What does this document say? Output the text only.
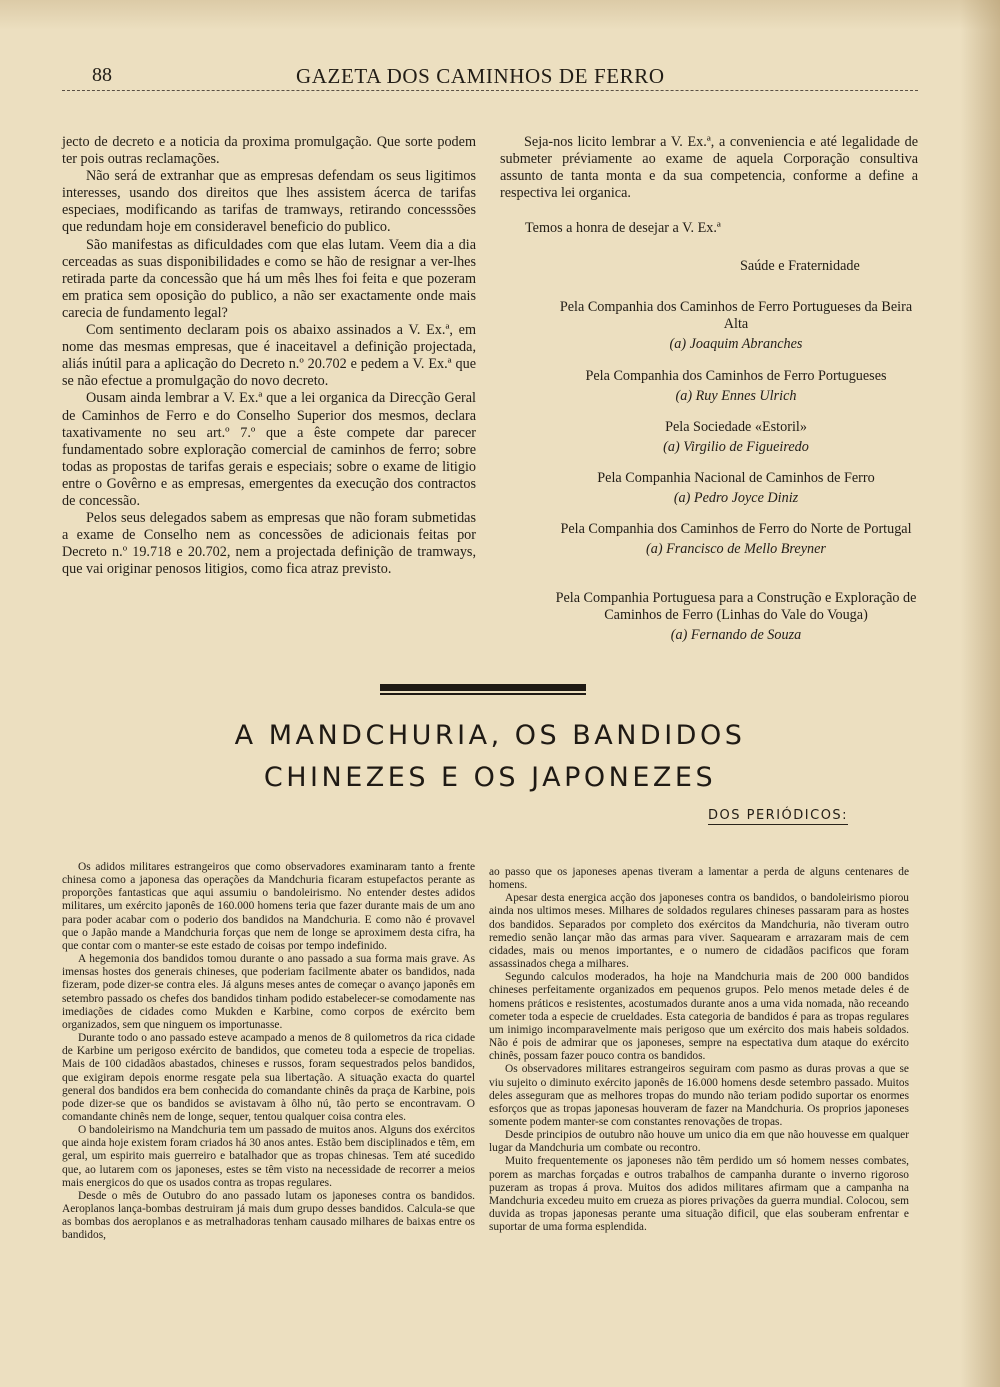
88	GAZETA DOS CAMINHOS DE FERRO

jecto de decreto e a noticia da proxima promulgação. Que sorte podem ter pois outras reclamações.

Não será de extranhar que as empresas defendam os seus ligitimos interesses, usando dos direitos que lhes assistem ácerca de tarifas especiaes, modificando as tarifas de tramways, retirando concesssões que redundam hoje em consideravel beneficio do publico.

São manifestas as dificuldades com que elas lutam. Veem dia a dia cerceadas as suas disponibilidades e como se hão de resignar a ver-lhes retirada parte da concessão que há um mês lhes foi feita e que pozeram em pratica sem oposição do publico, a não ser exactamente onde mais carecia de fundamento legal?

Com sentimento declaram pois os abaixo assinados a V. Ex.ª, em nome das mesmas empresas, que é inaceitavel a definição projectada, aliás inútil para a aplicação do Decreto n.º 20.702 e pedem a V. Ex.ª que se não efectue a promulgação do novo decreto.

Ousam ainda lembrar a V. Ex.ª que a lei organica da Direcção Geral de Caminhos de Ferro e do Conselho Superior dos mesmos, declara taxativamente no seu art.º 7.º que a êste compete dar parecer fundamentado sobre exploração comercial de caminhos de ferro; sobre todas as propostas de tarifas gerais e especiais; sobre o exame de litigio entre o Govêrno e as empresas, emergentes da execução dos contractos de concessão.

Pelos seus delegados sabem as empresas que não foram submetidas a exame de Conselho nem as concessões de adicionais feitas por Decreto n.º 19.718 e 20.702, nem a projectada definição de tramways, que vai originar penosos litigios, como fica atraz previsto.

Seja-nos licito lembrar a V. Ex.ª, a conveniencia e até legalidade de submeter préviamente ao exame de aquela Corporação consultiva assunto de tanta monta e da sua competencia, conforme a define a respectiva lei organica.

Temos a honra de desejar a V. Ex.ª
Saúde e Fraternidade
Pela Companhia dos Caminhos de Ferro Portugueses da Beira Alta
(a) Joaquim Abranches
Pela Companhia dos Caminhos de Ferro Portugueses
(a) Ruy Ennes Ulrich
Pela Sociedade «Estoril»
(a) Virgilio de Figueiredo
Pela Companhia Nacional de Caminhos de Ferro
(a) Pedro Joyce Diniz
Pela Companhia dos Caminhos de Ferro do Norte de Portugal
(a) Francisco de Mello Breyner
Pela Companhia Portuguesa para a Construção e Exploração de Caminhos de Ferro (Linhas do Vale do Vouga)
(a) Fernando de Souza
A MANDCHURIA, OS BANDIDOS
CHINEZES E OS JAPONEZES
DOS PERIÓDICOS:

Os adidos militares estrangeiros que como observadores examinaram tanto a frente chinesa como a japonesa das operações da Mandchuria ficaram estupefactos perante as proporções fantasticas que aqui assumiu o bandoleirismo. No entender destes adidos militares, um exército japonês de 160.000 homens teria que fazer durante mais de um ano para poder acabar com o poderio dos bandidos na Mandchuria. E como não é provavel que o Japão mande a Mandchuria forças que nem de longe se aproximem desta cifra, ha que contar com o manter-se este estado de coisas por tempo indefinido.

A hegemonia dos bandidos tomou durante o ano passado a sua forma mais grave. As imensas hostes dos generais chineses, que poderiam facilmente abater os bandidos, nada fizeram, pode dizer-se contra eles. Já alguns meses antes de começar o avanço japonês em setembro passado os chefes dos bandidos tinham podido estabelecer-se comodamente nas imediações de cidades como Mukden e Karbine, como corpos de exército bem organizados, sem que ninguem os importunasse.

Durante todo o ano passado esteve acampado a menos de 8 quilometros da rica cidade de Karbine um perigoso exército de bandidos, que cometeu toda a especie de tropelias. Mais de 100 cidadãos abastados, chineses e russos, foram sequestrados pelos bandidos, que exigiram depois enorme resgate pela sua libertação. A situação exacta do quartel general dos bandidos era bem conhecida do comandante chinês da praça de Karbine, pois pode dizer-se que os bandidos se avistavam à ôlho nú, tão perto se encontravam. O comandante chinês nem de longe, sequer, tentou qualquer coisa contra eles.

O bandoleirismo na Mandchuria tem um passado de muitos anos. Alguns dos exércitos que ainda hoje existem foram criados há 30 anos antes. Estão bem disciplinados e têm, em geral, um espirito mais guerreiro e batalhador que as tropas chinesas. Tem até sucedido que, ao lutarem com os japoneses, estes se têm visto na necessidade de recorrer a meios mais energicos do que os usados contra as tropas regulares.

Desde o mês de Outubro do ano passado lutam os japoneses contra os bandidos. Aeroplanos lança-bombas destruiram já mais dum grupo desses bandidos. Calcula-se que as bombas dos aeroplanos e as metralhadoras tenham causado milhares de baixas entre os bandidos,

ao passo que os japoneses apenas tiveram a lamentar a perda de alguns centenares de homens.

Apesar desta energica acção dos japoneses contra os bandidos, o bandoleirismo piorou ainda nos ultimos meses. Milhares de soldados regulares chineses passaram para as hostes dos bandidos. Separados por completo dos exércitos da Mandchuria, não tiveram outro remedio senão lançar mão das armas para viver. Saquearam e arrazaram mais de cem cidades, mais ou menos importantes, e o numero de cidadãos pacificos que foram assassinados chega a milhares.

Segundo calculos moderados, ha hoje na Mandchuria mais de 200 000 bandidos chineses perfeitamente organizados em pequenos grupos. Pelo menos metade deles é de homens práticos e resistentes, acostumados durante anos a uma vida nomada, não receando cometer toda a especie de crueldades. Esta categoria de bandidos é para as tropas regulares um inimigo incomparavelmente mais perigoso que um exército dos mais habeis soldados. Não é pois de admirar que os japoneses, sempre na espectativa dum ataque do exército chinês, possam fazer pouco contra os bandidos.

Os observadores militares estrangeiros seguiram com pasmo as duras provas a que se viu sujeito o diminuto exército japonês de 16.000 homens desde setembro passado. Muitos deles asseguram que as melhores tropas do mundo não teriam podido suportar os enormes esforços que as tropas japonesas houveram de fazer na Mandchuria. Os proprios japoneses somente podem manter-se com constantes renovações de tropas.

Desde principios de outubro não houve um unico dia em que não houvesse em qualquer lugar da Mandchuria um combate ou recontro.

Muito frequentemente os japoneses não têm perdido um só homem nesses combates, porem as marchas forçadas e outros trabalhos de campanha durante o inverno rigoroso puzeram as tropas á prova. Muitos dos adidos militares afirmam que a campanha na Mandchuria excedeu muito em crueza as piores privações da guerra mundial. Colocou, sem duvida as tropas japonesas perante uma situação dificil, que elas souberam enfrentar e suportar de uma forma esplendida.
